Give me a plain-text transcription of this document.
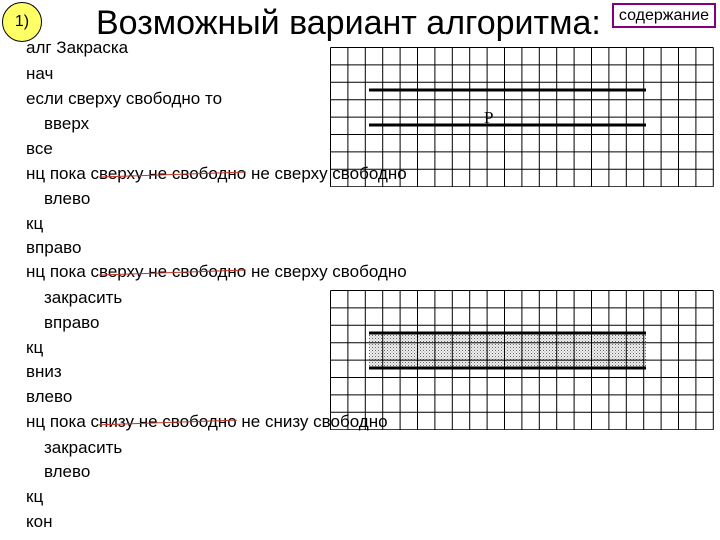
1)	Возможный вариант алгоритма:	содержание
алг Закраска
нач
если сверху свободно то
вверх
все
нц пока сверху не свободно не сверху свободно
влево
кц
вправо
нц пока сверху не свободно не сверху свободно
закрасить
вправо
кц
вниз
влево
нц пока снизу не свободно не снизу свободно
закрасить
влево
кц
кон
Р
